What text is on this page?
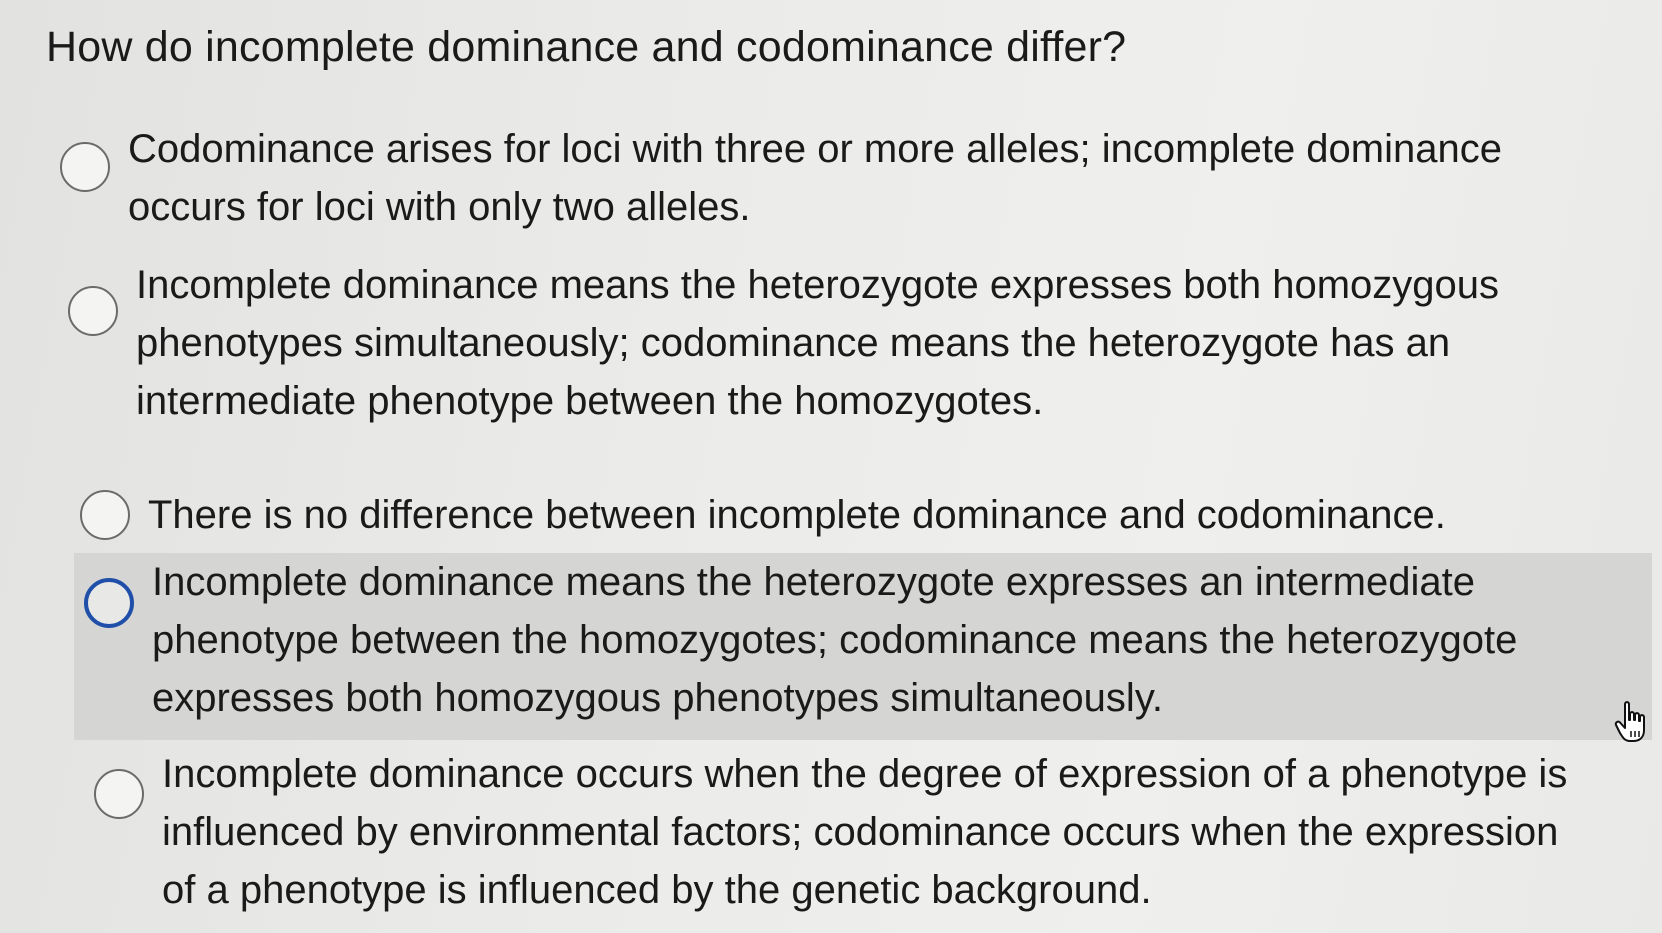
How do incomplete dominance and codominance differ?
Codominance arises for loci with three or more alleles; incomplete dominance
occurs for loci with only two alleles.
Incomplete dominance means the heterozygote expresses both homozygous
phenotypes simultaneously; codominance means the heterozygote has an
intermediate phenotype between the homozygotes.
There is no difference between incomplete dominance and codominance.
Incomplete dominance means the heterozygote expresses an intermediate
phenotype between the homozygotes; codominance means the heterozygote
expresses both homozygous phenotypes simultaneously.
Incomplete dominance occurs when the degree of expression of a phenotype is
influenced by environmental factors; codominance occurs when the expression
of a phenotype is influenced by the genetic background.
